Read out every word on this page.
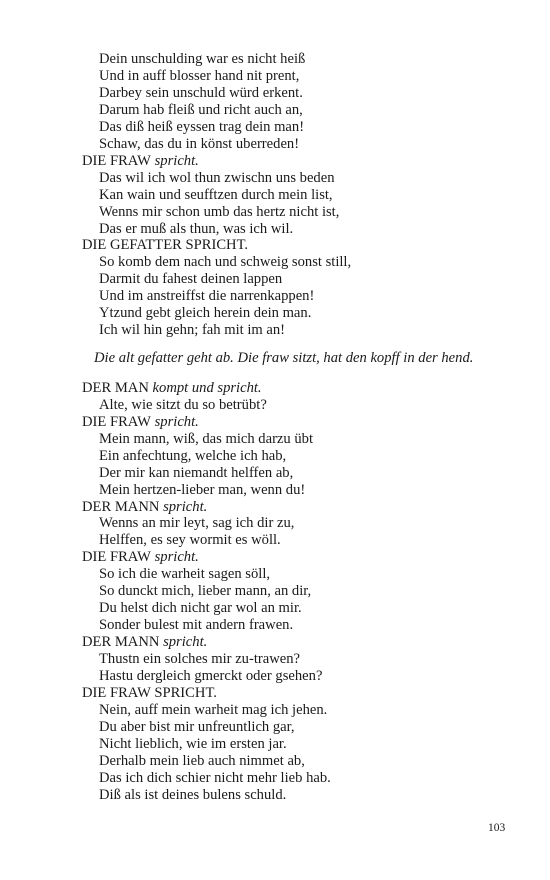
Dein unschulding war es nicht heiß
Und in auff blosser hand nit prent,
Darbey sein unschuld würd erkent.
Darum hab fleiß und richt auch an,
Das diß heiß eyssen trag dein man!
Schaw, das du in könst uberreden!
DIE FRAW spricht.
Das wil ich wol thun zwischn uns beden
Kan wain und seufftzen durch mein list,
Wenns mir schon umb das hertz nicht ist,
Das er muß als thun, was ich wil.
DIE GEFATTER SPRICHT.
So komb dem nach und schweig sonst still,
Darmit du fahest deinen lappen
Und im anstreiffst die narrenkappen!
Ytzund gebt gleich herein dein man.
Ich wil hin gehn; fah mit im an!
Die alt gefatter geht ab. Die fraw sitzt, hat den kopff in der hend.
DER MAN kompt und spricht.
Alte, wie sitzt du so betrübt?
DIE FRAW spricht.
Mein mann, wiß, das mich darzu übt
Ein anfechtung, welche ich hab,
Der mir kan niemandt helffen ab,
Mein hertzen-lieber man, wenn du!
DER MANN spricht.
Wenns an mir leyt, sag ich dir zu,
Helffen, es sey wormit es wöll.
DIE FRAW spricht.
So ich die warheit sagen söll,
So dunckt mich, lieber mann, an dir,
Du helst dich nicht gar wol an mir.
Sonder bulest mit andern frawen.
DER MANN spricht.
Thustn ein solches mir zu-trawen?
Hastu dergleich gmerckt oder gsehen?
DIE FRAW SPRICHT.
Nein, auff mein warheit mag ich jehen.
Du aber bist mir unfreuntlich gar,
Nicht lieblich, wie im ersten jar.
Derhalb mein lieb auch nimmet ab,
Das ich dich schier nicht mehr lieb hab.
Diß als ist deines bulens schuld.
103
